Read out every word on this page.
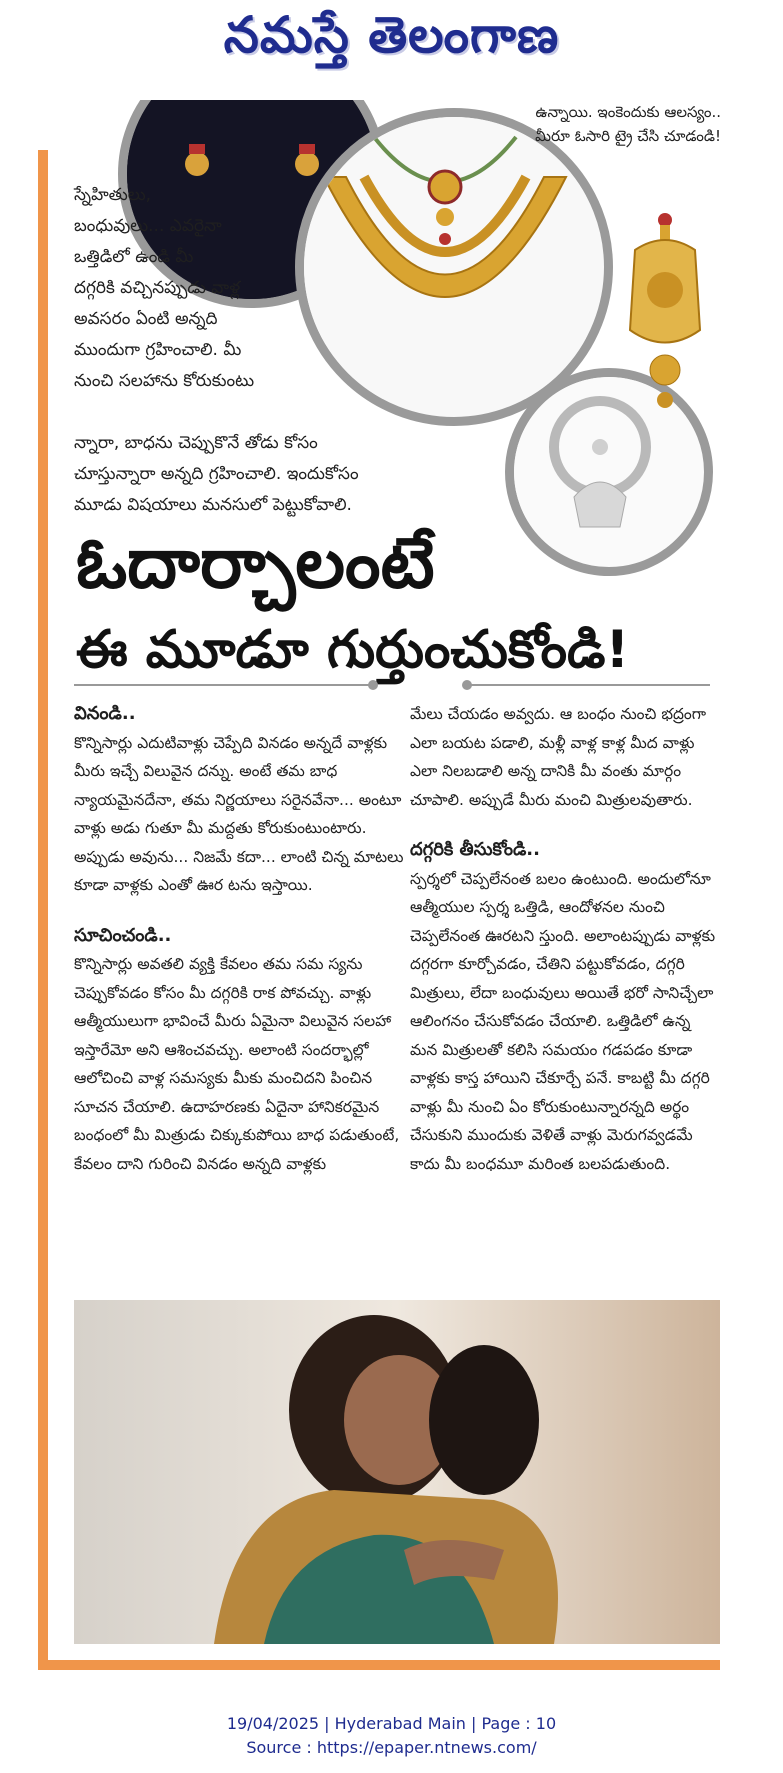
నమస్తే తెలంగాణ
ఉన్నాయి. ఇంకెందుకు ఆలస్యం.. మీరూ ఓసారి ట్రై చేసి చూడండి!
స్నేహితులు,
బంధువులు... ఎవరైనా
ఒత్తిడిలో ఉండి మీ
దగ్గరికి వచ్చినప్పుడు వాళ్ల
అవసరం ఏంటి అన్నది
ముందుగా గ్రహించాలి. మీ
నుంచి సలహాను కోరుకుంటు
న్నారా, బాధను చెప్పుకొనే తోడు కోసం
చూస్తున్నారా అన్నది గ్రహించాలి. ఇందుకోసం
మూడు విషయాలు మనసులో పెట్టుకోవాలి.
ఓదార్చాలంటే
ఈ మూడూ గుర్తుంచుకోండి!
వినండి..
కొన్నిసార్లు ఎదుటివాళ్లు చెప్పేది వినడం అన్నదే వాళ్లకు మీరు ఇచ్చే విలువైన దన్ను. అంటే తమ బాధ న్యాయమైనదేనా, తమ నిర్ణయాలు సరైనవేనా... అంటూ వాళ్లు అడు గుతూ మీ మద్దతు కోరుకుంటుంటారు. అప్పుడు అవును... నిజమే కదా... లాంటి చిన్న మాటలు కూడా వాళ్లకు ఎంతో ఊర టను ఇస్తాయి.
సూచించండి..
కొన్నిసార్లు అవతలి వ్యక్తి కేవలం తమ సమ స్యను చెప్పుకోవడం కోసం మీ దగ్గరికి రాక పోవచ్చు. వాళ్లు ఆత్మీయులుగా భావించే మీరు ఏమైనా విలువైన సలహా ఇస్తారేమో అని ఆశించవచ్చు. అలాంటి సందర్భాల్లో ఆలోచించి వాళ్ల సమస్యకు మీకు మంచిదని పించిన సూచన చేయాలి. ఉదాహరణకు ఏదైనా హానికరమైన బంధంలో మీ మిత్రుడు చిక్కుకుపోయి బాధ పడుతుంటే, కేవలం దాని గురించి వినడం అన్నది వాళ్లకు
మేలు చేయడం అవ్వదు. ఆ బంధం నుంచి భద్రంగా ఎలా బయట పడాలి, మళ్లీ వాళ్ల కాళ్ల మీద వాళ్లు ఎలా నిలబడాలి అన్న దానికి మీ వంతు మార్గం చూపాలి. అప్పుడే మీరు మంచి మిత్రులవుతారు.
దగ్గరికి తీసుకోండి..
స్పర్శలో చెప్పలేనంత బలం ఉంటుంది. అందులోనూ ఆత్మీయుల స్పర్శ ఒత్తిడి, ఆందోళనల నుంచి చెప్పలేనంత ఊరటని స్తుంది. అలాంటప్పుడు వాళ్లకు దగ్గరగా కూర్చోవడం, చేతిని పట్టుకోవడం, దగ్గరి మిత్రులు, లేదా బంధువులు అయితే భరో సానిచ్చేలా ఆలింగనం చేసుకోవడం చేయాలి. ఒత్తిడిలో ఉన్న మన మిత్రులతో కలిసి సమయం గడపడం కూడా వాళ్లకు కాస్త హాయిని చేకూర్చే పనే. కాబట్టి మీ దగ్గరి వాళ్లు మీ నుంచి ఏం కోరుకుంటున్నారన్నది అర్థం చేసుకుని ముందుకు వెళితే వాళ్లు మెరుగవ్వడమే కాదు మీ బంధమూ మరింత బలపడుతుంది.
19/04/2025 | Hyderabad Main | Page : 10
Source : https://epaper.ntnews.com/
